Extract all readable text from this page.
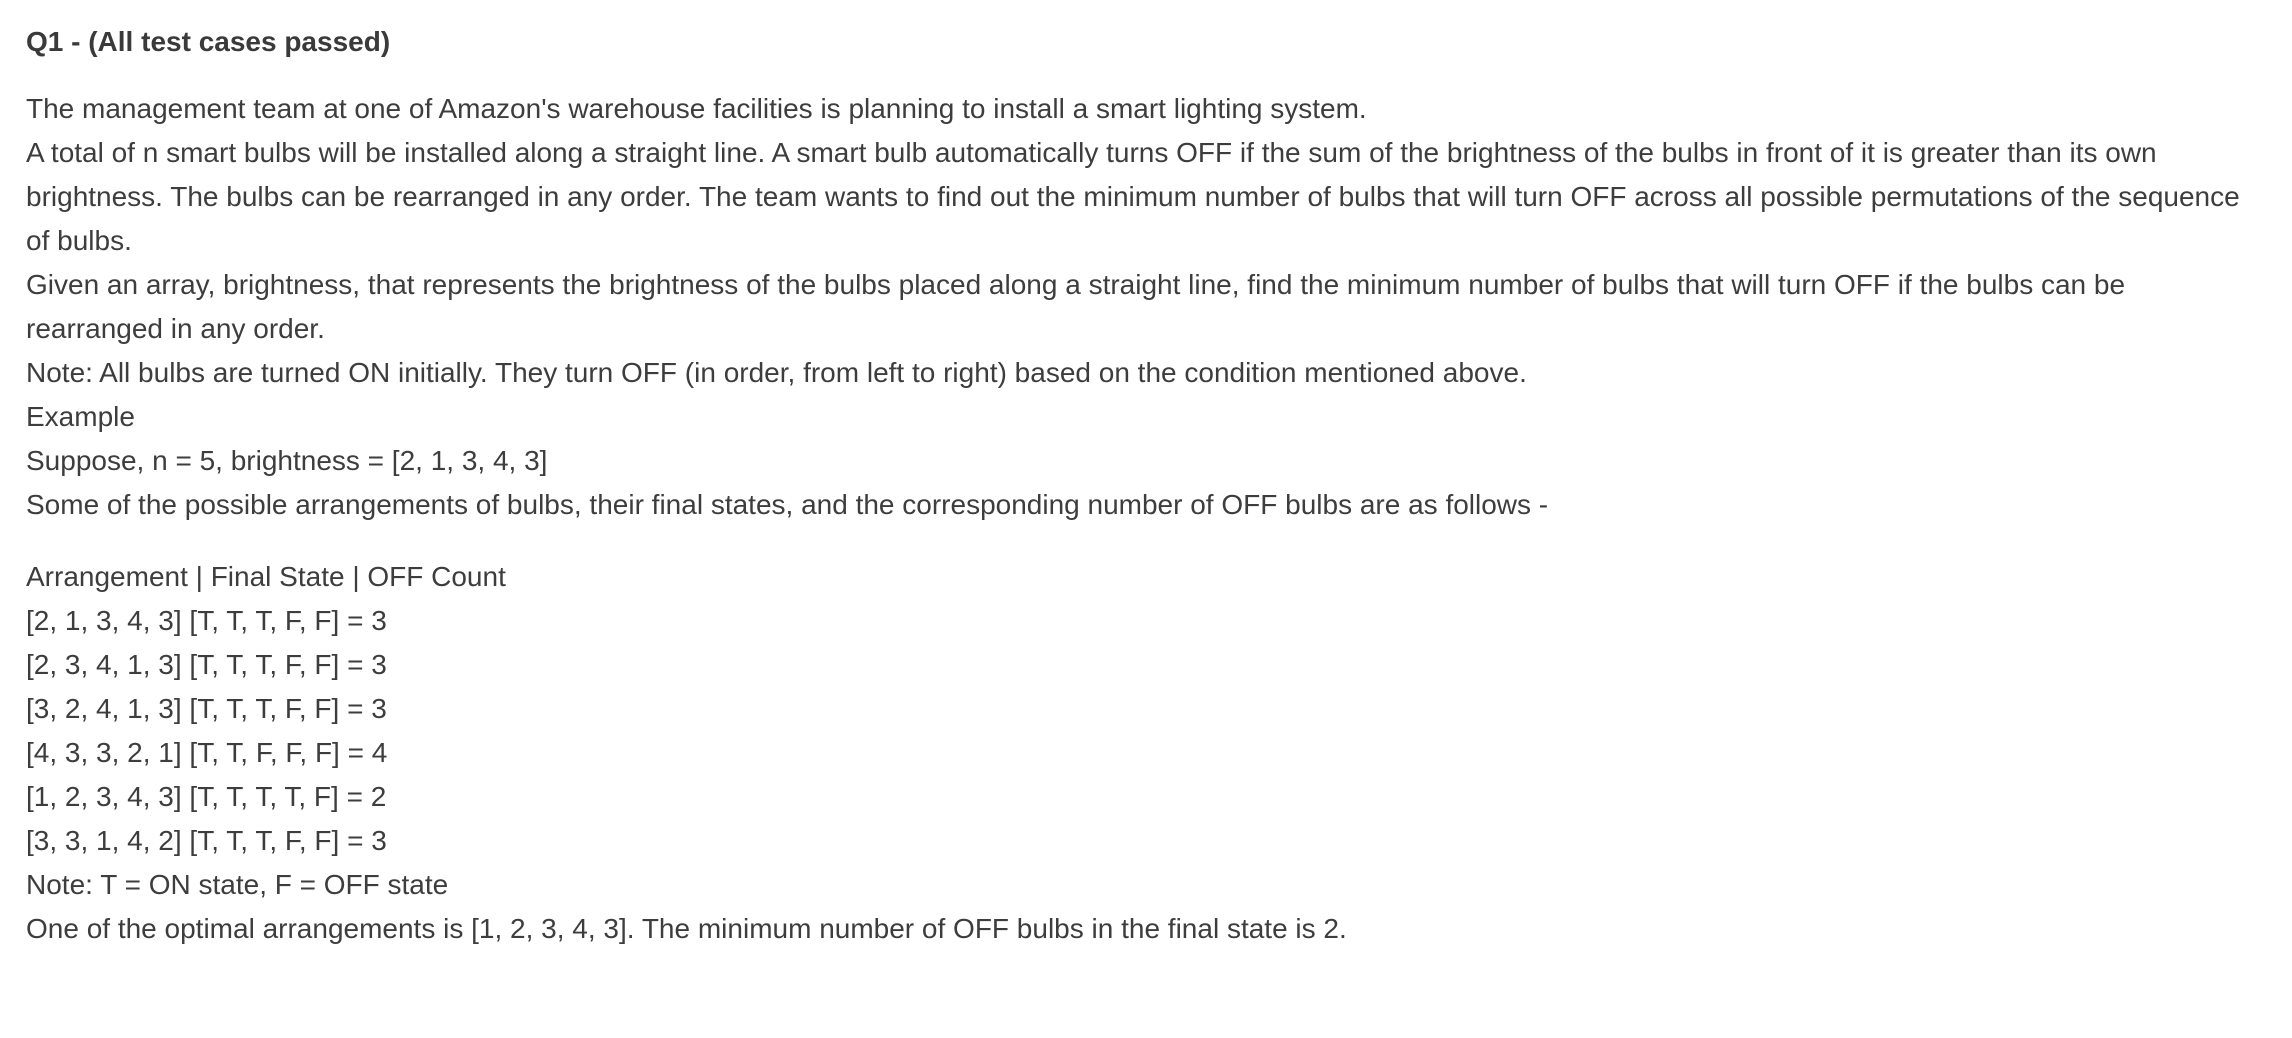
Q1 - (All test cases passed)

The management team at one of Amazon's warehouse facilities is planning to install a smart lighting system.

A total of n smart bulbs will be installed along a straight line. A smart bulb automatically turns OFF if the sum of the brightness of the bulbs in front of it is greater than its own brightness. The bulbs can be rearranged in any order. The team wants to find out the minimum number of bulbs that will turn OFF across all possible permutations of the sequence of bulbs.

Given an array, brightness, that represents the brightness of the bulbs placed along a straight line, find the minimum number of bulbs that will turn OFF if the bulbs can be rearranged in any order.

Note: All bulbs are turned ON initially. They turn OFF (in order, from left to right) based on the condition mentioned above.

Example

Suppose, n = 5, brightness = [2, 1, 3, 4, 3]

Some of the possible arrangements of bulbs, their final states, and the corresponding number of OFF bulbs are as follows -

Arrangement | Final State | OFF Count

[2, 1, 3, 4, 3] [T, T, T, F, F] = 3

[2, 3, 4, 1, 3] [T, T, T, F, F] = 3

[3, 2, 4, 1, 3] [T, T, T, F, F] = 3

[4, 3, 3, 2, 1] [T, T, F, F, F] = 4

[1, 2, 3, 4, 3] [T, T, T, T, F] = 2

[3, 3, 1, 4, 2] [T, T, T, F, F] = 3

Note: T = ON state, F = OFF state

One of the optimal arrangements is [1, 2, 3, 4, 3]. The minimum number of OFF bulbs in the final state is 2.
